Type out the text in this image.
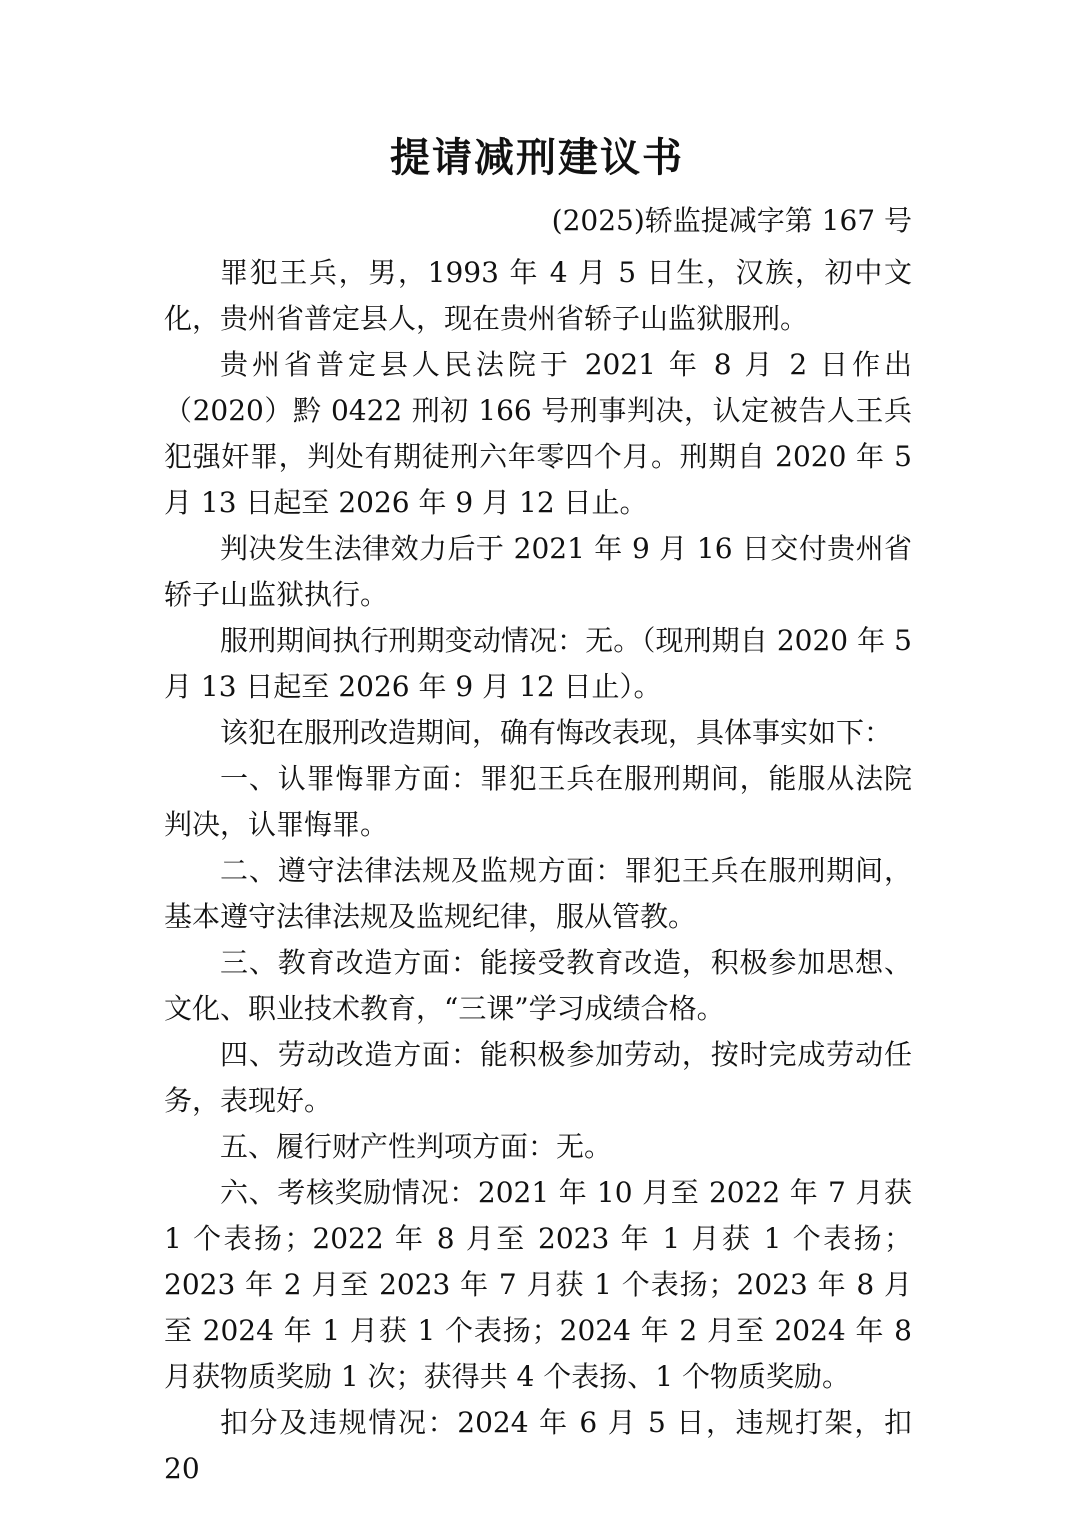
提请减刑建议书
(2025)轿监提减字第 167 号

罪犯王兵，男，1993 年 4 月 5 日生，汉族，初中文化，贵州省普定县人，现在贵州省轿子山监狱服刑。

贵州省普定县人民法院于 2021 年 8 月 2 日作出（2020）黔 0422 刑初 166 号刑事判决，认定被告人王兵犯强奸罪，判处有期徒刑六年零四个月。刑期自 2020 年 5 月 13 日起至 2026 年 9 月 12 日止。

判决发生法律效力后于 2021 年 9 月 16 日交付贵州省轿子山监狱执行。

服刑期间执行刑期变动情况：无。（现刑期自 2020 年 5 月 13 日起至 2026 年 9 月 12 日止）。

该犯在服刑改造期间，确有悔改表现，具体事实如下：

一、认罪悔罪方面：罪犯王兵在服刑期间，能服从法院判决，认罪悔罪。

二、遵守法律法规及监规方面：罪犯王兵在服刑期间，基本遵守法律法规及监规纪律，服从管教。

三、教育改造方面：能接受教育改造，积极参加思想、文化、职业技术教育，“三课”学习成绩合格。

四、劳动改造方面：能积极参加劳动，按时完成劳动任务，表现好。

五、履行财产性判项方面：无。

六、考核奖励情况：2021 年 10 月至 2022 年 7 月获 1 个表扬；2022 年 8 月至 2023 年 1 月获 1 个表扬；2023 年 2 月至 2023 年 7 月获 1 个表扬；2023 年 8 月至 2024 年 1 月获 1 个表扬；2024 年 2 月至 2024 年 8 月获物质奖励 1 次；获得共 4 个表扬、1 个物质奖励。

扣分及违规情况：2024 年 6 月 5 日，违规打架，扣 20
